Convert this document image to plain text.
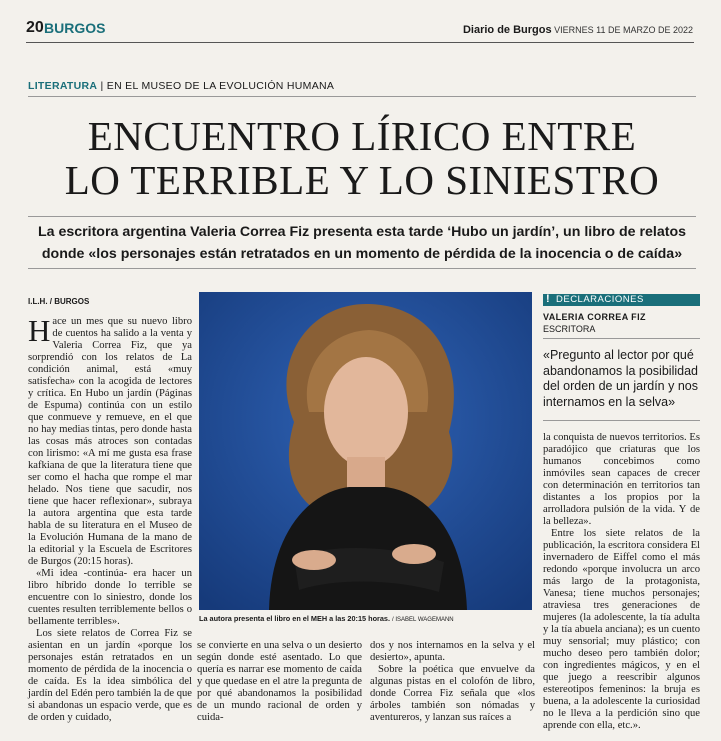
20 BURGOS	Diario de Burgos VIERNES 11 DE MARZO DE 2022
LITERATURA | EN EL MUSEO DE LA EVOLUCIÓN HUMANA
ENCUENTRO LÍRICO ENTRE
LO TERRIBLE Y LO SINIESTRO
La escritora argentina Valeria Correa Fiz presenta esta tarde ‘Hubo un jardín’, un libro de relatos
donde «los personajes están retratados en un momento de pérdida de la inocencia o de caída»
I.L.H. / BURGOS

Hace un mes que su nuevo libro de cuentos ha salido a la venta y Valeria Correa Fiz, que ya sorprendió con los relatos de La condición animal, está «muy satisfecha» con la acogida de lectores y crítica. En Hubo un jardín (Páginas de Espuma) continúa con un estilo que conmueve y remueve, en el que no hay medias tintas, pero donde hasta las cosas más atroces son contadas con lirismo: «A mí me gusta esa frase kafkiana de que la literatura tiene que ser como el hacha que rompe el mar helado. Nos tiene que sacudir, nos tiene que hacer reflexionar», subraya la autora argentina que esta tarde habla de su literatura en el Museo de la Evolución Humana de la mano de la editorial y la Escuela de Escritores de Burgos (20:15 horas).

«Mi idea -continúa- era hacer un libro híbrido donde lo terrible se encuentre con lo siniestro, donde los cuentes resulten terriblemente bellos o bellamente terribles».

Los siete relatos de Correa Fiz se asientan en un jardín «porque los personajes están retratados en un momento de pérdida de la inocencia o de caída. Es la idea simbólica del jardín del Edén pero también la de que si abandonas un espacio verde, que es de orden y cuidado,

La autora presenta el libro en el MEH a las 20:15 horas. / ISABEL WAGEMANN

se convierte en una selva o un desierto según donde esté asentado. Lo que quería es narrar ese momento de caída y que quedase en el atre la pregunta de por qué abandonamos la posibilidad de un mundo racional de orden y cuida-

dos y nos internamos en la selva y el desierto», apunta.

Sobre la poética que envuelve da algunas pistas en el colofón de libro, donde Correa Fiz señala que «los árboles también son nómadas y aventureros, y lanzan sus raíces a

! DECLARACIONES
VALERIA CORREA FIZ
ESCRITORA
«Pregunto al lector por qué abandonamos la posibilidad del orden de un jardín y nos internamos en la selva»

la conquista de nuevos territorios. Es paradójico que criaturas que los humanos concebimos como inmóviles sean capaces de crecer con determinación en territorios tan distantes a los propios por la arrolladora pulsión de la vida. Y de la belleza».

Entre los siete relatos de la publicación, la escritora considera El invernadero de Eiffel como el más redondo «porque involucra un arco más largo de la protagonista, Vanesa; tiene muchos personajes; atraviesa tres generaciones de mujeres (la adolescente, la tía adulta y la tía abuela anciana); es un cuento muy sensorial; muy plástico; con mucho deseo pero también dolor; con ingredientes mágicos, y en el que juego a reescribir algunos estereotipos femeninos: la bruja es buena, a la adolescente la curiosidad no le lleva a la perdición sino que aprende con ella, etc.».
